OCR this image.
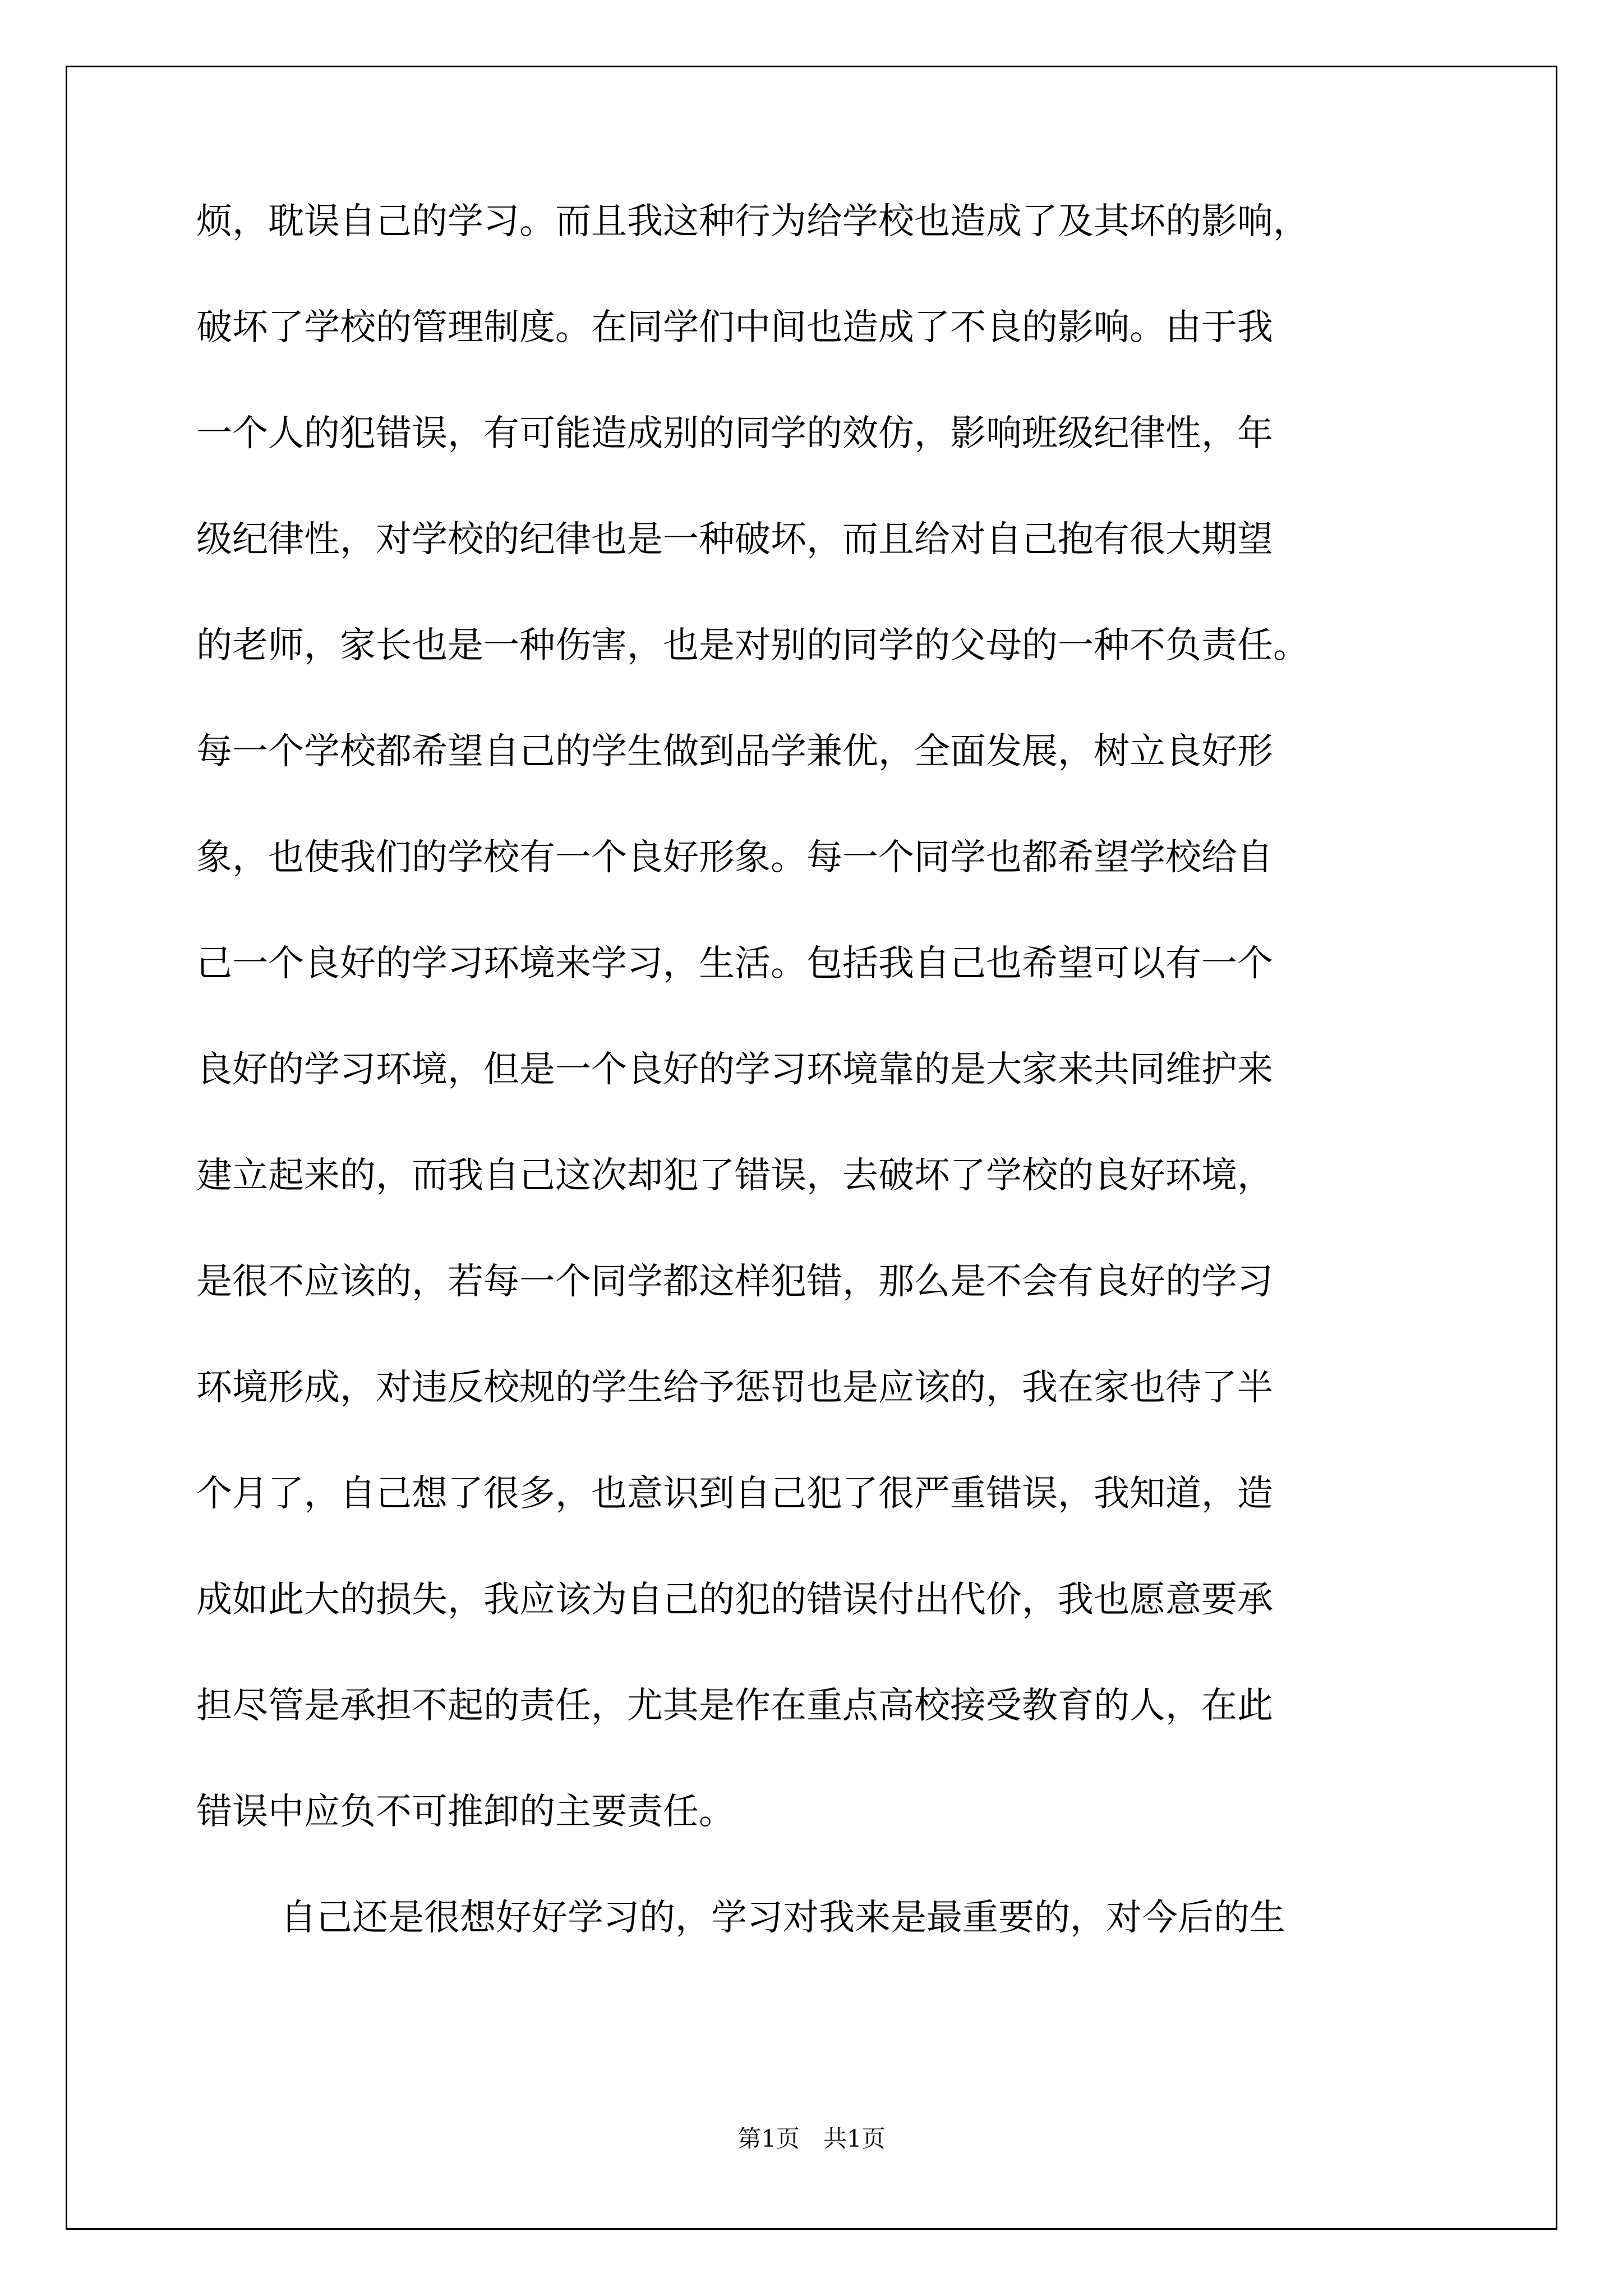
烦，耽误自己的学习。而且我这种行为给学校也造成了及其坏的影响，
破坏了学校的管理制度。在同学们中间也造成了不良的影响。由于我
一个人的犯错误，有可能造成别的同学的效仿，影响班级纪律性，年
级纪律性，对学校的纪律也是一种破坏，而且给对自己抱有很大期望
的老师，家长也是一种伤害，也是对别的同学的父母的一种不负责任。
每一个学校都希望自己的学生做到品学兼优，全面发展，树立良好形
象，也使我们的学校有一个良好形象。每一个同学也都希望学校给自
己一个良好的学习环境来学习，生活。包括我自己也希望可以有一个
良好的学习环境，但是一个良好的学习环境靠的是大家来共同维护来
建立起来的，而我自己这次却犯了错误，去破坏了学校的良好环境，
是很不应该的，若每一个同学都这样犯错，那么是不会有良好的学习
环境形成，对违反校规的学生给予惩罚也是应该的，我在家也待了半
个月了，自己想了很多，也意识到自己犯了很严重错误，我知道，造
成如此大的损失，我应该为自己的犯的错误付出代价，我也愿意要承
担尽管是承担不起的责任，尤其是作在重点高校接受教育的人，在此
错误中应负不可推卸的主要责任。
自己还是很想好好学习的，学习对我来是最重要的，对今后的生
第1页　共1页
